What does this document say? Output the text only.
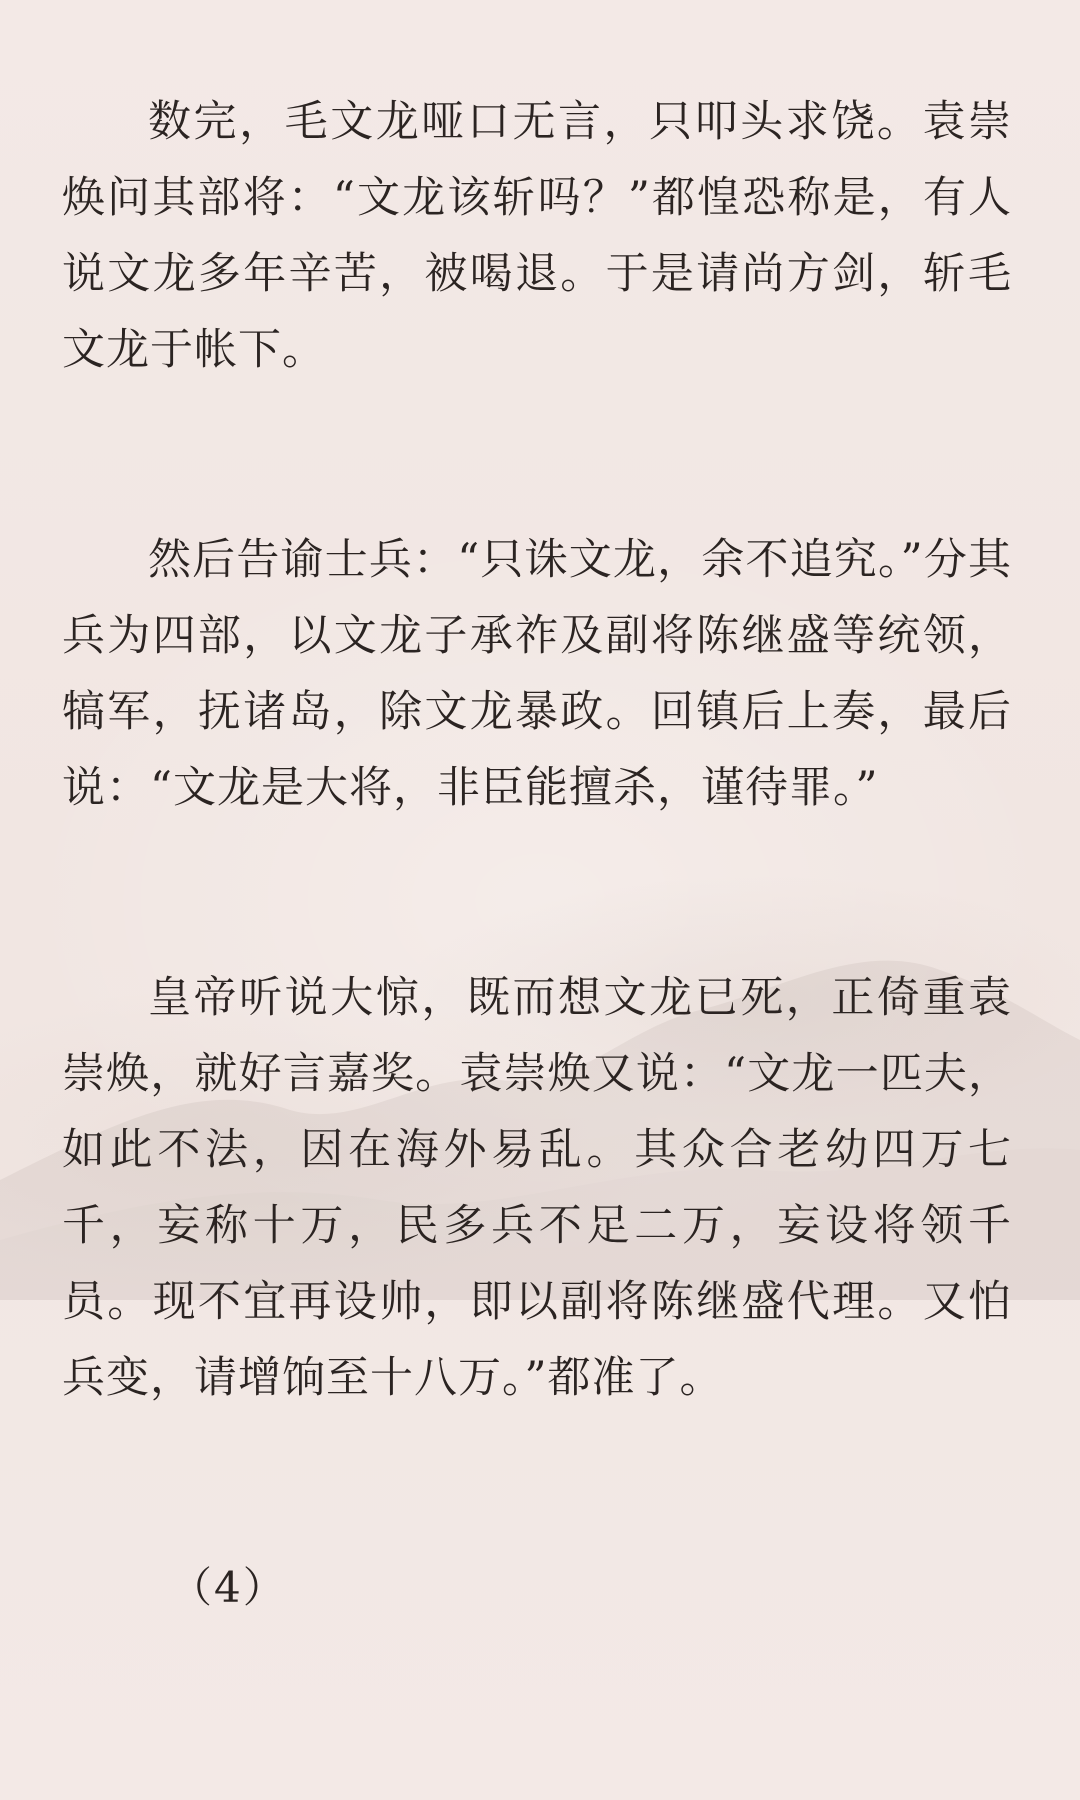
数完，毛文龙哑口无言，只叩头求饶。袁崇焕问其部将：“文龙该斩吗？”都惶恐称是，有人说文龙多年辛苦，被喝退。于是请尚方剑，斩毛文龙于帐下。

然后告谕士兵：“只诛文龙，余不追究。”分其兵为四部，以文龙子承祚及副将陈继盛等统领，犒军，抚诸岛，除文龙暴政。回镇后上奏，最后说：“文龙是大将，非臣能擅杀，谨待罪。”

皇帝听说大惊，既而想文龙已死，正倚重袁崇焕，就好言嘉奖。袁崇焕又说：“文龙一匹夫，如此不法，因在海外易乱。其众合老幼四万七千，妄称十万，民多兵不足二万，妄设将领千员。现不宜再设帅，即以副将陈继盛代理。又怕兵变，请增饷至十八万。”都准了。

（4）
